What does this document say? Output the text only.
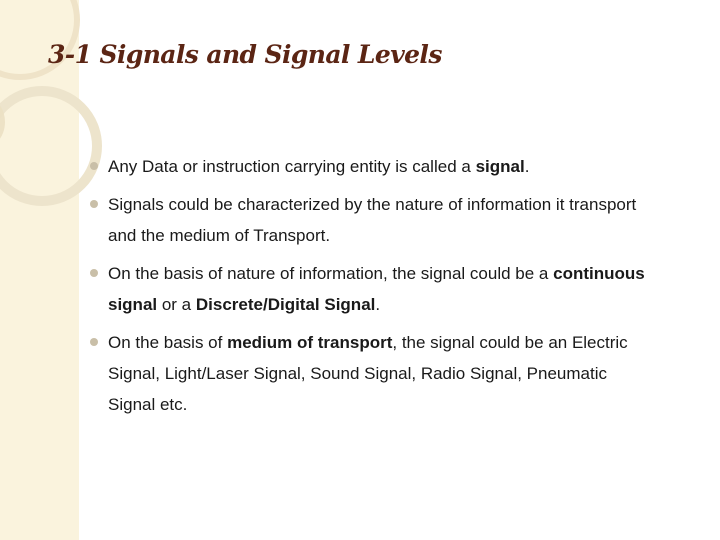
3-1 Signals and Signal Levels
Any Data or instruction carrying entity is called a signal.
Signals could be characterized by the nature of information it transport and the medium of Transport.
On the basis of nature of information, the signal could be a continuous signal or a Discrete/Digital Signal.
On the basis of medium of transport, the signal could be an Electric Signal, Light/Laser Signal, Sound Signal, Radio Signal, Pneumatic Signal etc.
